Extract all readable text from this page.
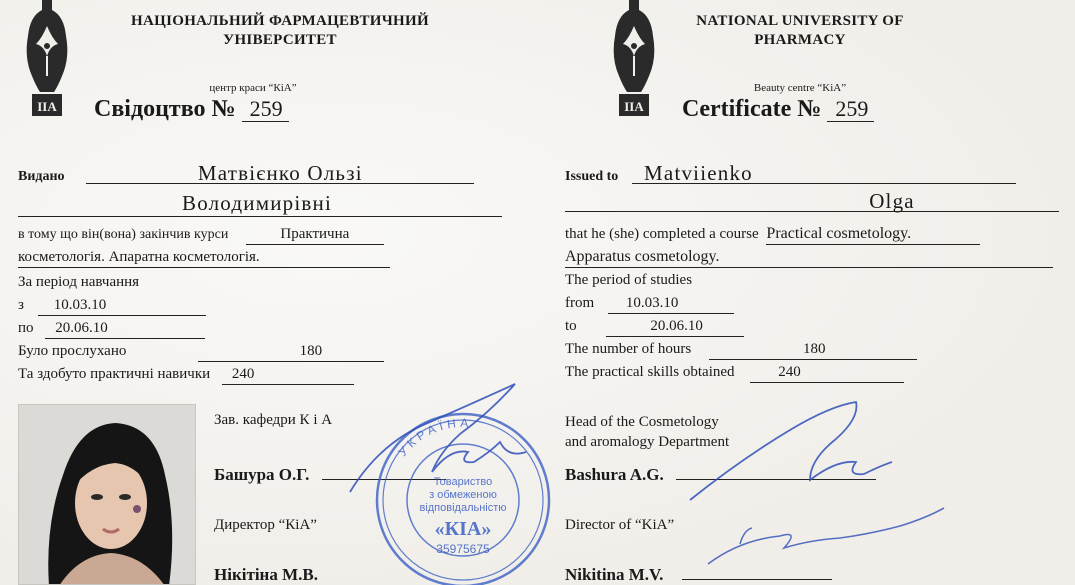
ІІА
НАЦІОНАЛЬНИЙ ФАРМАЦЕВТИЧНИЙ УНІВЕРСИТЕТ
центр краси “КіА”
Свідоцтво № 259
Видано	Матвієнко Ользі
Володимирівні
в тому що він(вона) закінчив курси	Практична
косметологія. Апаратна косметологія.
За період навчання
з 10.03.10
по 20.06.10
Було прослухано	180
Та здобуто практичні навички 240
Зав. кафедри К і А
Башура О.Г.
Директор “КіА”
Нікітіна М.В.
ІІА
NATIONAL UNIVERSITY OF PHARMACY
Beauty centre “KiA”
Certificate № 259
Issued to Matviienko
Olga
that he (she) completed a course Practical cosmetology.
Apparatus cosmetology.
The period of studies
from 10.03.10
to	20.06.10
The number of hours	180
The practical skills obtained	240
Head of the Cosmetology
and aromalogy Department
Bashura A.G.
Director of “KiA”
Nikitina M.V.
УКРАЇНА
Товариство
з обмеженою
відповідальністю
«КІА»
35975675
